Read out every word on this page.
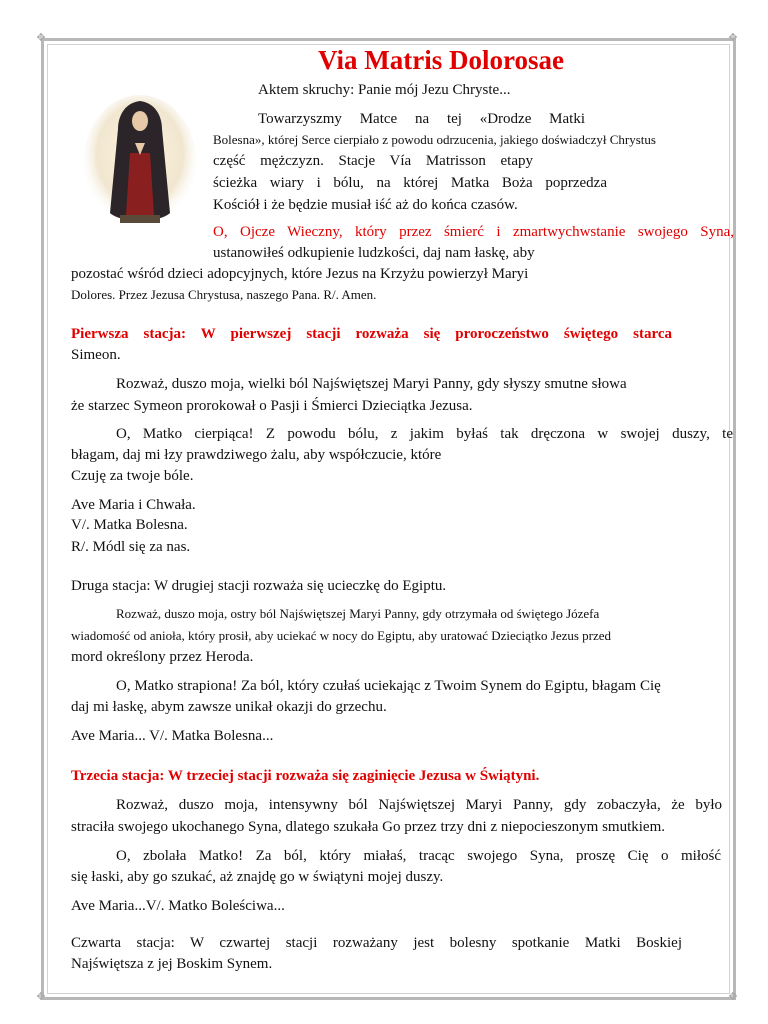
✥	✥
✥	✥
Via Matris Dolorosae
Aktem skruchy: Panie mój Jezu Chryste...
Towarzyszmy Matce na tej «Drodze Matki
Bolesna», której Serce cierpiało z powodu odrzucenia, jakiego doświadczył Chrystus
część mężczyzn. Stacje Vía Matrisson etapy
ścieżka wiary i bólu, na której Matka Boża poprzedza
Kościół i że będzie musiał iść aż do końca czasów.
O, Ojcze Wieczny, który przez śmierć i zmartwychwstanie swojego Syna,
ustanowiłeś odkupienie ludzkości, daj nam łaskę, aby
pozostać wśród dzieci adopcyjnych, które Jezus na Krzyżu powierzył Maryi
Dolores. Przez Jezusa Chrystusa, naszego Pana. R/. Amen.
Pierwsza stacja: W pierwszej stacji rozważa się proroczeństwo świętego starca
Simeon.
Rozważ, duszo moja, wielki ból Najświętszej Maryi Panny, gdy słyszy smutne słowa
że starzec Symeon prorokował o Pasji i Śmierci Dzieciątka Jezusa.
O, Matko cierpiąca! Z powodu bólu, z jakim byłaś tak dręczona w swojej duszy, te
błagam, daj mi łzy prawdziwego żalu, aby współczucie, które
Czuję za twoje bóle.
Ave Maria i Chwała.
V/. Matka Bolesna.
R/. Módl się za nas.
Druga stacja: W drugiej stacji rozważa się ucieczkę do Egiptu.
Rozważ, duszo moja, ostry ból Najświętszej Maryi Panny, gdy otrzymała od świętego Józefa
wiadomość od anioła, który prosił, aby uciekać w nocy do Egiptu, aby uratować Dzieciątko Jezus przed
mord określony przez Heroda.
O, Matko strapiona! Za ból, który czułaś uciekając z Twoim Synem do Egiptu, błagam Cię
daj mi łaskę, abym zawsze unikał okazji do grzechu.
Ave Maria... V/. Matka Bolesna...
Trzecia stacja: W trzeciej stacji rozważa się zaginięcie Jezusa w Świątyni.
Rozważ, duszo moja, intensywny ból Najświętszej Maryi Panny, gdy zobaczyła, że było
straciła swojego ukochanego Syna, dlatego szukała Go przez trzy dni z niepocieszonym smutkiem.
O, zbolała Matko! Za ból, który miałaś, tracąc swojego Syna, proszę Cię o miłość
się łaski, aby go szukać, aż znajdę go w świątyni mojej duszy.
Ave Maria...V/. Matko Boleściwa...
Czwarta stacja: W czwartej stacji rozważany jest bolesny spotkanie Matki Boskiej
Najświętsza z jej Boskim Synem.
